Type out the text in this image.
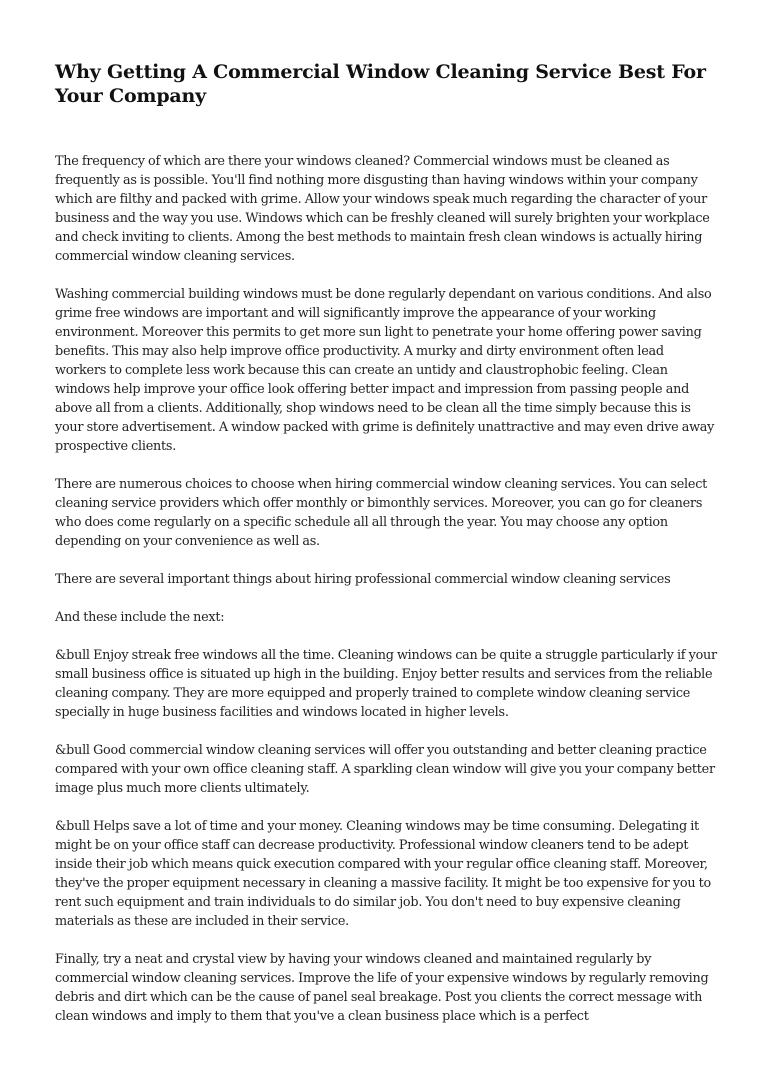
Why Getting A Commercial Window Cleaning Service Best For Your Company

The frequency of which are there your windows cleaned? Commercial windows must be cleaned as frequently as is possible. You'll find nothing more disgusting than having windows within your company which are filthy and packed with grime. Allow your windows speak much regarding the character of your business and the way you use. Windows which can be freshly cleaned will surely brighten your workplace and check inviting to clients. Among the best methods to maintain fresh clean windows is actually hiring commercial window cleaning services.

Washing commercial building windows must be done regularly dependant on various conditions. And also grime free windows are important and will significantly improve the appearance of your working environment. Moreover this permits to get more sun light to penetrate your home offering power saving benefits. This may also help improve office productivity. A murky and dirty environment often lead workers to complete less work because this can create an untidy and claustrophobic feeling. Clean windows help improve your office look offering better impact and impression from passing people and above all from a clients. Additionally, shop windows need to be clean all the time simply because this is your store advertisement. A window packed with grime is definitely unattractive and may even drive away prospective clients.

There are numerous choices to choose when hiring commercial window cleaning services. You can select cleaning service providers which offer monthly or bimonthly services. Moreover, you can go for cleaners who does come regularly on a specific schedule all all through the year. You may choose any option depending on your convenience as well as.

There are several important things about hiring professional commercial window cleaning services

And these include the next:

&bull Enjoy streak free windows all the time. Cleaning windows can be quite a struggle particularly if your small business office is situated up high in the building. Enjoy better results and services from the reliable cleaning company. They are more equipped and properly trained to complete window cleaning service specially in huge business facilities and windows located in higher levels.

&bull Good commercial window cleaning services will offer you outstanding and better cleaning practice compared with your own office cleaning staff. A sparkling clean window will give you your company better image plus much more clients ultimately.

&bull Helps save a lot of time and your money. Cleaning windows may be time consuming. Delegating it might be on your office staff can decrease productivity. Professional window cleaners tend to be adept inside their job which means quick execution compared with your regular office cleaning staff. Moreover, they've the proper equipment necessary in cleaning a massive facility. It might be too expensive for you to rent such equipment and train individuals to do similar job. You don't need to buy expensive cleaning materials as these are included in their service.

Finally, try a neat and crystal view by having your windows cleaned and maintained regularly by commercial window cleaning services. Improve the life of your expensive windows by regularly removing debris and dirt which can be the cause of panel seal breakage. Post you clients the correct message with clean windows and imply to them that you've a clean business place which is a perfect
